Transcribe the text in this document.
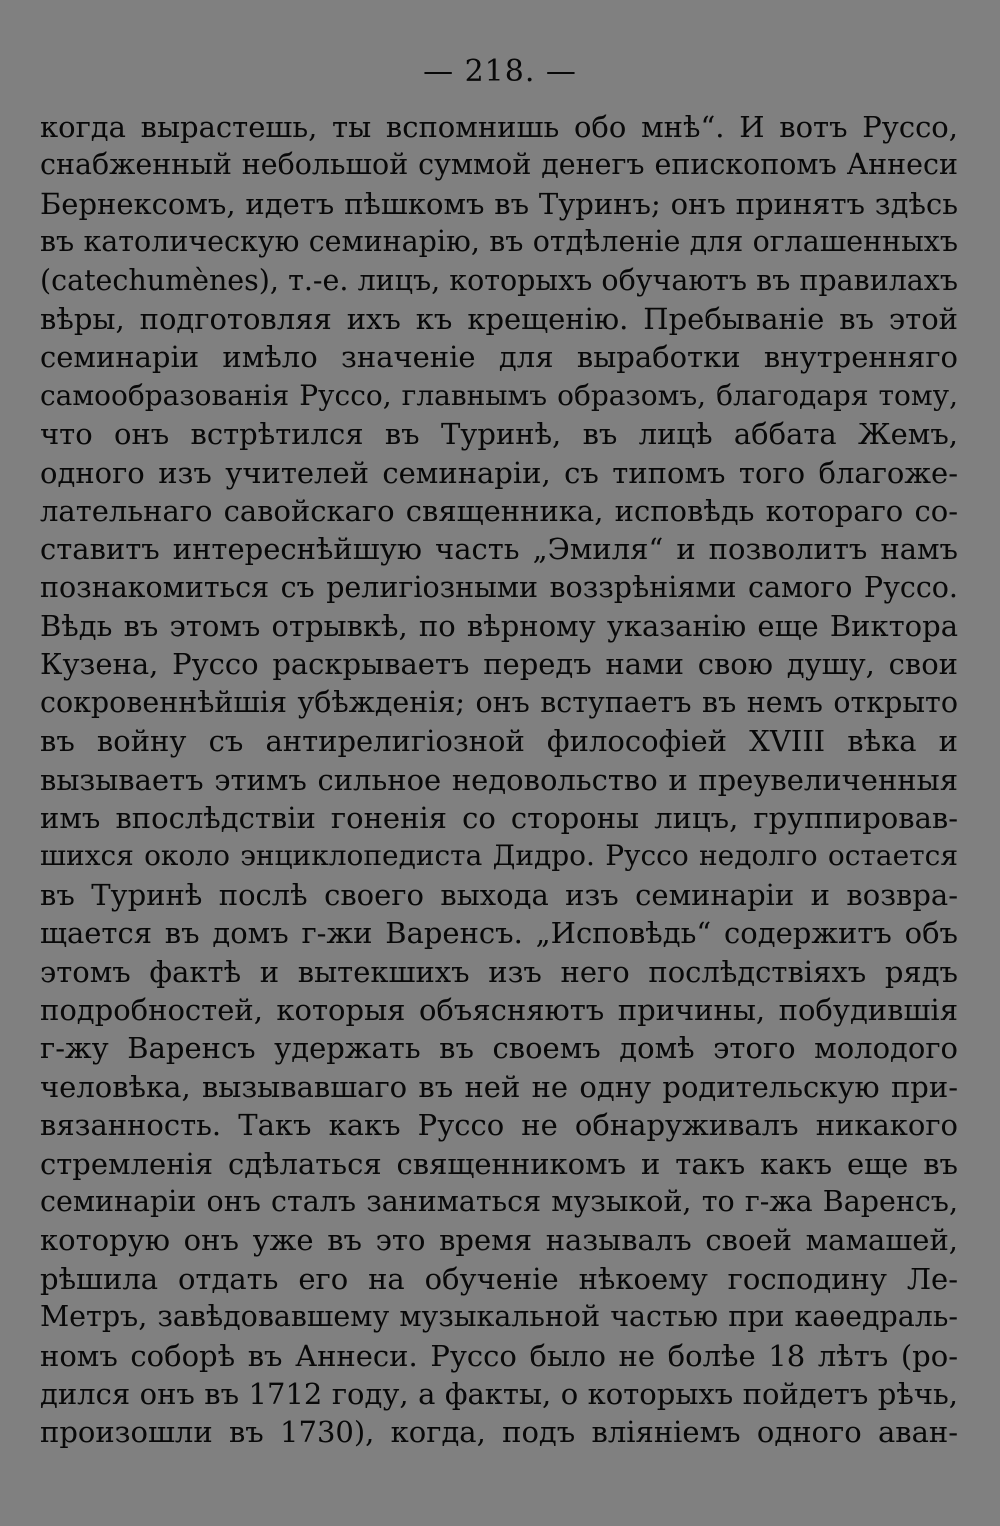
— 218. —
когда вырастешь, ты вспомнишь обо мнѣ“. И вотъ Руссо,
снабженный небольшой суммой денегъ епископомъ Аннеси
Бернексомъ, идетъ пѣшкомъ въ Туринъ; онъ принятъ здѣсь
въ католическую семинарію, въ отдѣленіе для оглашенныхъ
(catechumènes), т.-е. лицъ, которыхъ обучаютъ въ правилахъ
вѣры, подготовляя ихъ къ крещенію. Пребываніе въ этой
семинаріи имѣло значеніе для выработки внутренняго
самообразованія Руссо, главнымъ образомъ, благодаря тому,
что онъ встрѣтился въ Туринѣ, въ лицѣ аббата Жемъ,
одного изъ учителей семинаріи, съ типомъ того благоже-
лательнаго савойскаго священника, исповѣдь котораго со-
ставитъ интереснѣйшую часть „Эмиля“ и позволитъ намъ
познакомиться съ религіозными воззрѣніями самого Руссо.
Вѣдь въ этомъ отрывкѣ, по вѣрному указанію еще Виктора
Кузена, Руссо раскрываетъ передъ нами свою душу, свои
сокровеннѣйшія убѣжденія; онъ вступаетъ въ немъ открыто
въ войну съ антирелигіозной философіей XVIII вѣка и
вызываетъ этимъ сильное недовольство и преувеличенныя
имъ впослѣдствіи гоненія со стороны лицъ, группировав-
шихся около энциклопедиста Дидро. Руссо недолго остается
въ Туринѣ послѣ своего выхода изъ семинаріи и возвра-
щается въ домъ г-жи Варенсъ. „Исповѣдь“ содержитъ объ
этомъ фактѣ и вытекшихъ изъ него послѣдствіяхъ рядъ
подробностей, которыя объясняютъ причины, побудившія
г-жу Варенсъ удержать въ своемъ домѣ этого молодого
человѣка, вызывавшаго въ ней не одну родительскую при-
вязанность. Такъ какъ Руссо не обнаруживалъ никакого
стремленія сдѣлаться священникомъ и такъ какъ еще въ
семинаріи онъ сталъ заниматься музыкой, то г-жа Варенсъ,
которую онъ уже въ это время называлъ своей мамашей,
рѣшила отдать его на обученіе нѣкоему господину Ле-
Метръ, завѣдовавшему музыкальной частью при каѳедраль-
номъ соборѣ въ Аннеси. Руссо было не болѣе 18 лѣтъ (ро-
дился онъ въ 1712 году, а факты, о которыхъ пойдетъ рѣчь,
произошли въ 1730), когда, подъ вліяніемъ одного аван-
